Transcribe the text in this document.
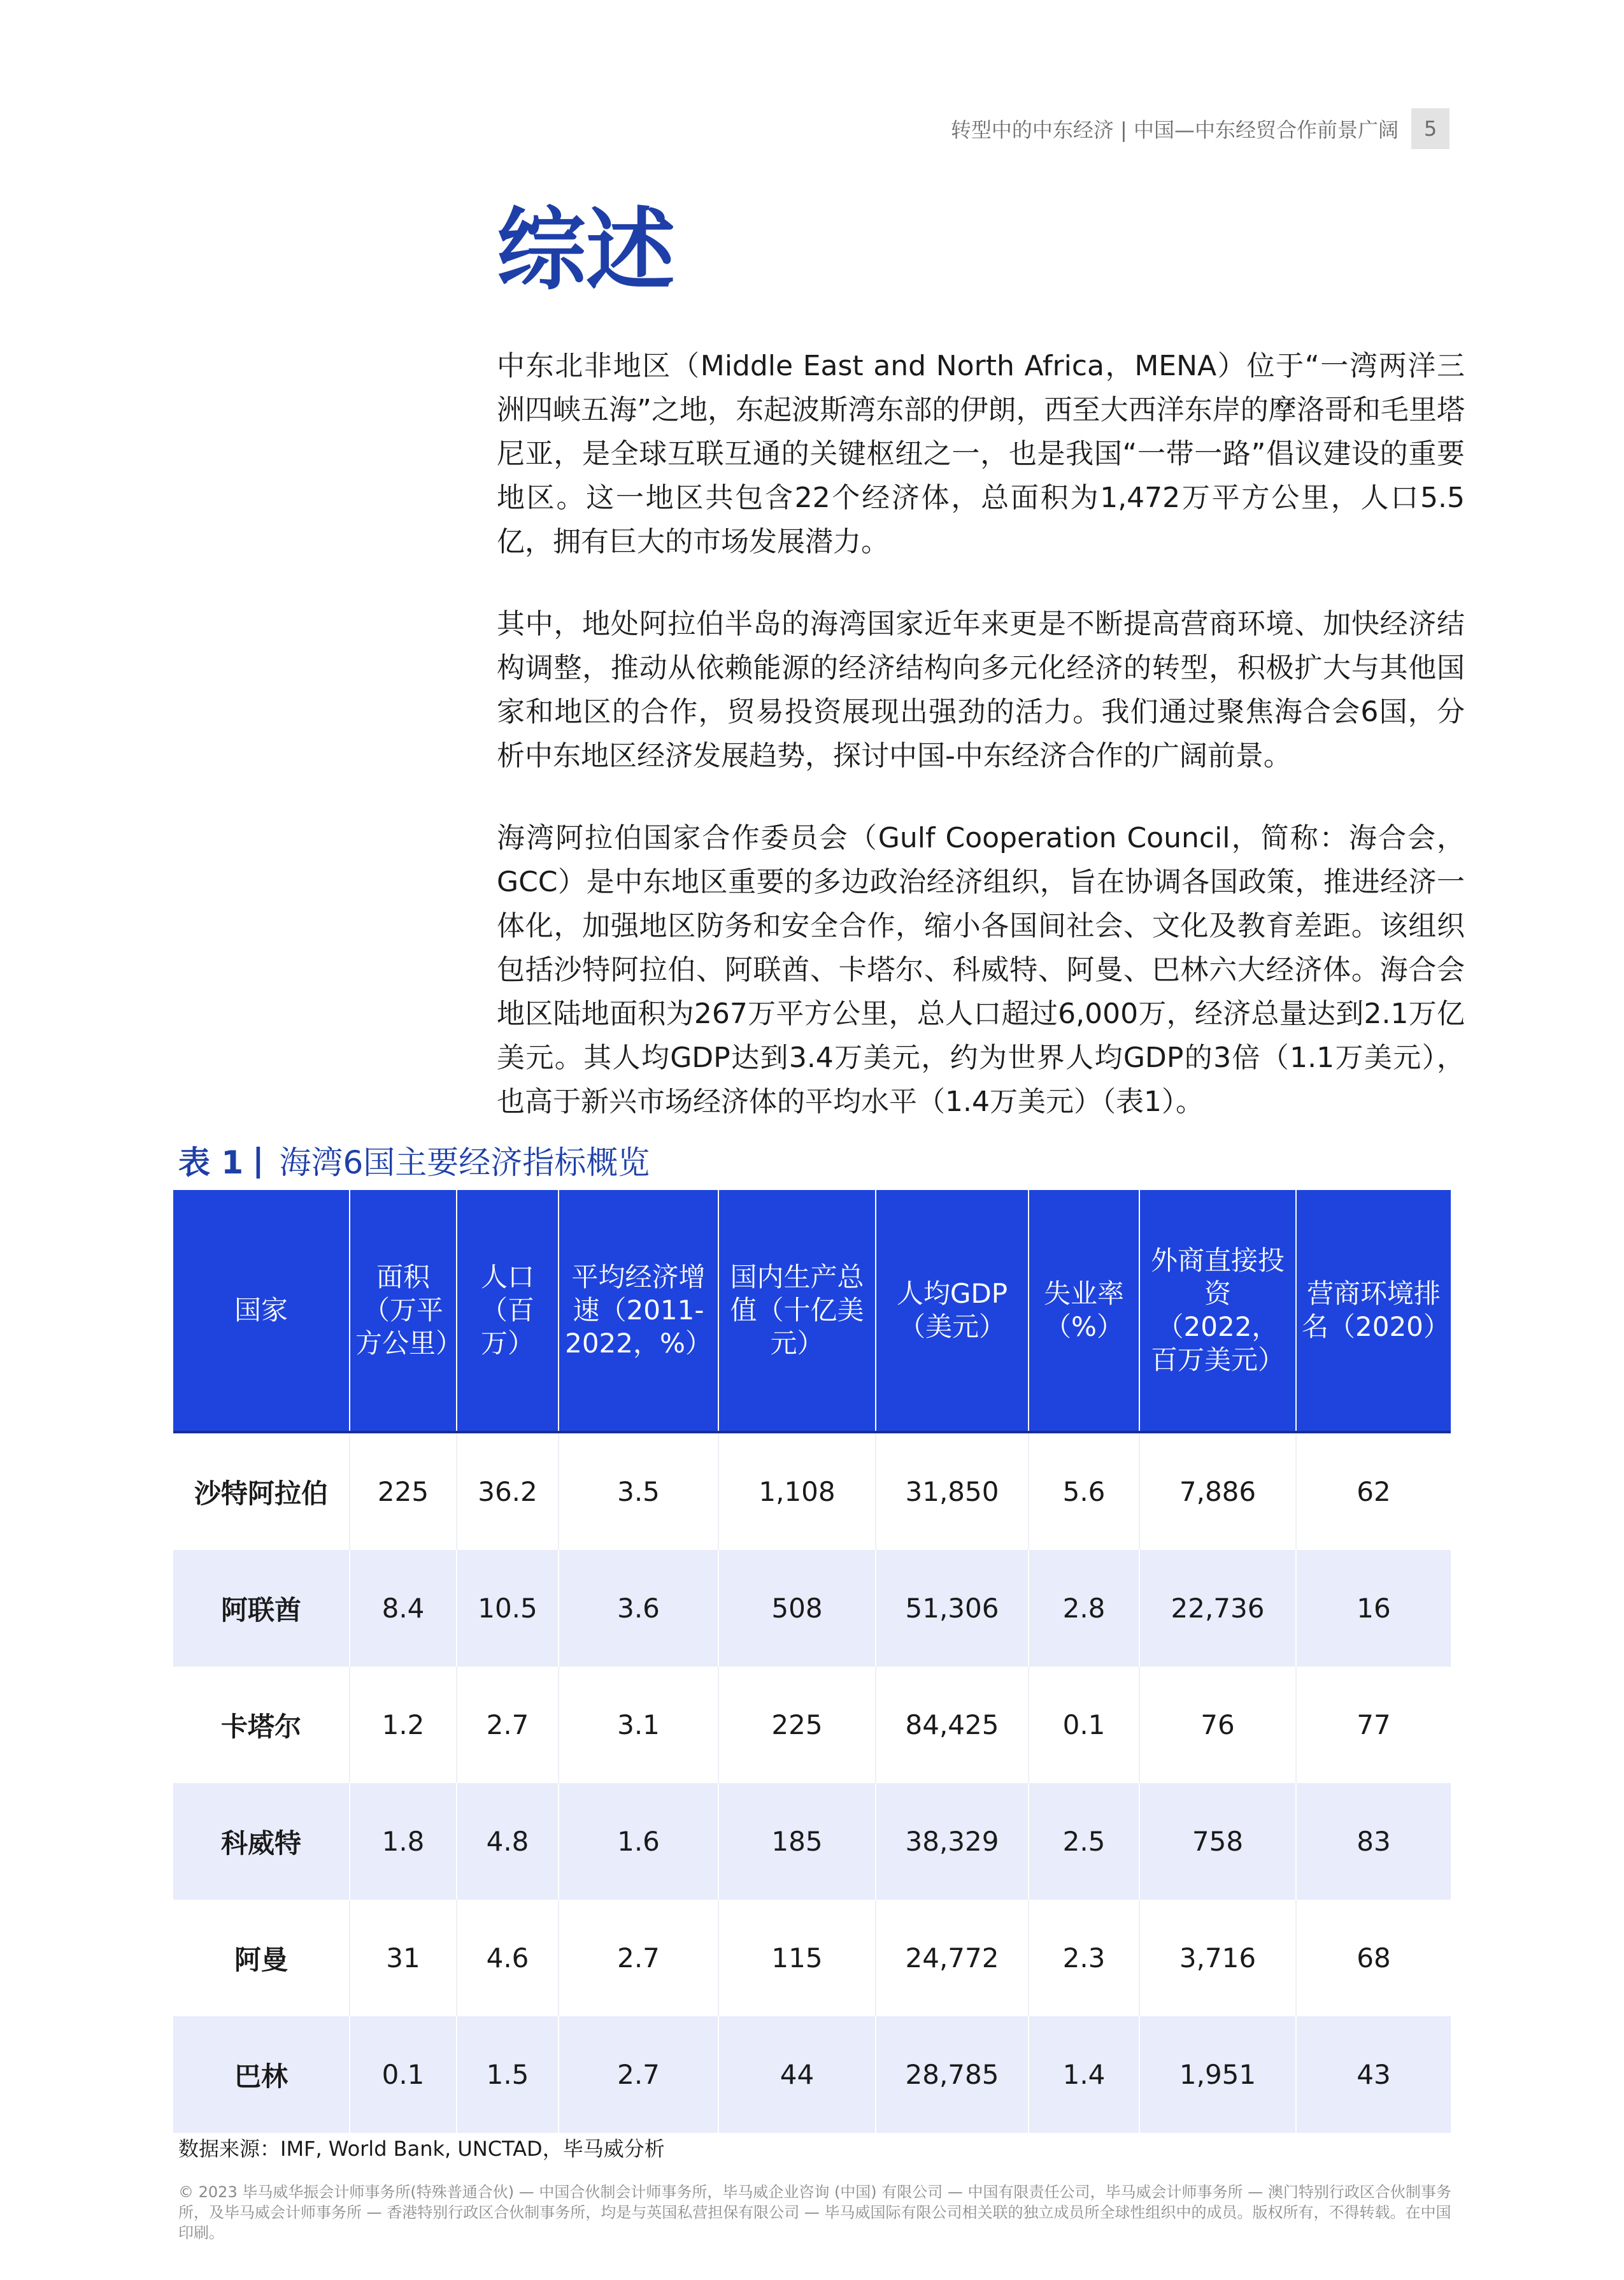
转型中的中东经济 | 中国—中东经贸合作前景广阔	5
综述

中东北非地区（Middle East and North Africa，MENA）位于“一湾两洋三洲四峡五海”之地，东起波斯湾东部的伊朗，西至大西洋东岸的摩洛哥和毛里塔尼亚，是全球互联互通的关键枢纽之一，也是我国“一带一路”倡议建设的重要地区。这一地区共包含22个经济体，总面积为1,472万平方公里，人口5.5亿，拥有巨大的市场发展潜力。

其中，地处阿拉伯半岛的海湾国家近年来更是不断提高营商环境、加快经济结构调整，推动从依赖能源的经济结构向多元化经济的转型，积极扩大与其他国家和地区的合作，贸易投资展现出强劲的活力。我们通过聚焦海合会6国，分析中东地区经济发展趋势，探讨中国-中东经济合作的广阔前景。

海湾阿拉伯国家合作委员会（Gulf Cooperation Council，简称：海合会，GCC）是中东地区重要的多边政治经济组织，旨在协调各国政策，推进经济一体化，加强地区防务和安全合作，缩小各国间社会、文化及教育差距。该组织包括沙特阿拉伯、阿联酋、卡塔尔、科威特、阿曼、巴林六大经济体。海合会地区陆地面积为267万平方公里，总人口超过6,000万，经济总量达到2.1万亿美元。其人均GDP达到3.4万美元，约为世界人均GDP的3倍（1.1万美元），也高于新兴市场经济体的平均水平（1.4万美元）（表1）。

表 1 | 海湾6国主要经济指标概览
国家	面积（万平方公里）	人口（百万）	平均经济增速（2011-2022，%）	国内生产总值（十亿美元）	人均GDP（美元）	失业率（%）	外商直接投资（2022，百万美元）	营商环境排名（2020）
沙特阿拉伯	225	36.2	3.5	1,108	31,850	5.6	7,886	62
阿联酋	8.4	10.5	3.6	508	51,306	2.8	22,736	16
卡塔尔	1.2	2.7	3.1	225	84,425	0.1	76	77
科威特	1.8	4.8	1.6	185	38,329	2.5	758	83
阿曼	31	4.6	2.7	115	24,772	2.3	3,716	68
巴林	0.1	1.5	2.7	44	28,785	1.4	1,951	43
数据来源：IMF, World Bank, UNCTAD，毕马威分析
© 2023 毕马威华振会计师事务所(特殊普通合伙) — 中国合伙制会计师事务所，毕马威企业咨询 (中国) 有限公司 — 中国有限责任公司，毕马威会计师事务所 — 澳门特别行政区合伙制事务所，及毕马威会计师事务所 — 香港特别行政区合伙制事务所，均是与英国私营担保有限公司 — 毕马威国际有限公司相关联的独立成员所全球性组织中的成员。版权所有，不得转载。在中国印刷。
